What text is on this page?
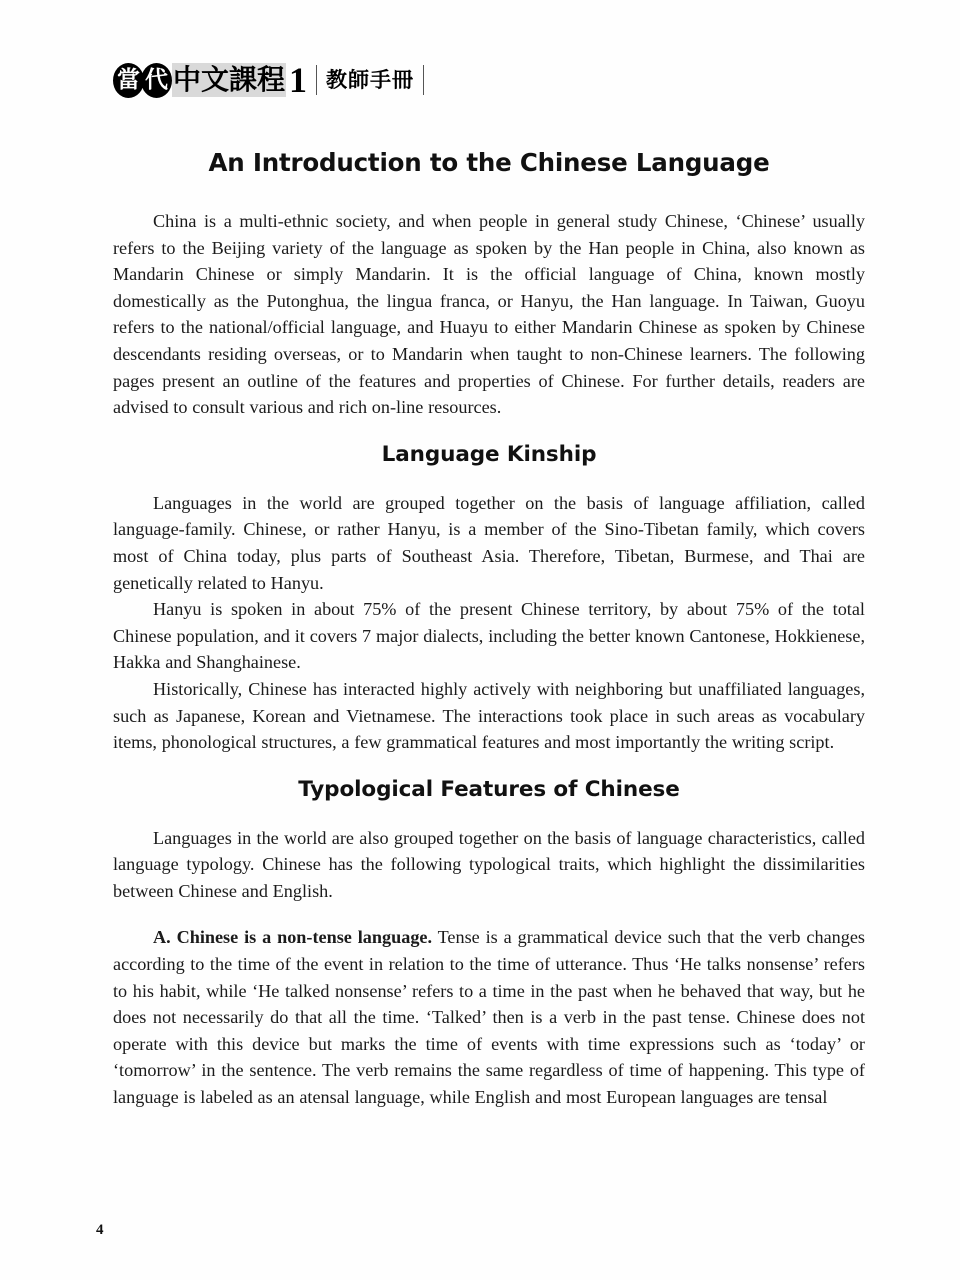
當 代 中文課程 1 教師手冊
An Introduction to the Chinese Language

China is a multi-ethnic society, and when people in general study Chinese, ‘Chinese’ usually refers to the Beijing variety of the language as spoken by the Han people in China, also known as Mandarin Chinese or simply Mandarin. It is the official language of China, known mostly domestically as the Putonghua, the lingua franca, or Hanyu, the Han language. In Taiwan, Guoyu refers to the national/official language, and Huayu to either Mandarin Chinese as spoken by Chinese descendants residing overseas, or to Mandarin when taught to non-Chinese learners. The following pages present an outline of the features and properties of Chinese. For further details, readers are advised to consult various and rich on-line resources.

Language Kinship

Languages in the world are grouped together on the basis of language affiliation, called language-family. Chinese, or rather Hanyu, is a member of the Sino-Tibetan family, which covers most of China today, plus parts of Southeast Asia. Therefore, Tibetan, Burmese, and Thai are genetically related to Hanyu.

Hanyu is spoken in about 75% of the present Chinese territory, by about 75% of the total Chinese population, and it covers 7 major dialects, including the better known Cantonese, Hokkienese, Hakka and Shanghainese.

Historically, Chinese has interacted highly actively with neighboring but unaffiliated languages, such as Japanese, Korean and Vietnamese. The interactions took place in such areas as vocabulary items, phonological structures, a few grammatical features and most importantly the writing script.

Typological Features of Chinese

Languages in the world are also grouped together on the basis of language characteristics, called language typology. Chinese has the following typological traits, which highlight the dissimilarities between Chinese and English.

A. Chinese is a non-tense language. Tense is a grammatical device such that the verb changes according to the time of the event in relation to the time of utterance. Thus ‘He talks nonsense’ refers to his habit, while ‘He talked nonsense’ refers to a time in the past when he behaved that way, but he does not necessarily do that all the time. ‘Talked’ then is a verb in the past tense. Chinese does not operate with this device but marks the time of events with time expressions such as ‘today’ or ‘tomorrow’ in the sentence. The verb remains the same regardless of time of happening. This type of language is labeled as an atensal language, while English and most European languages are tensal

4
